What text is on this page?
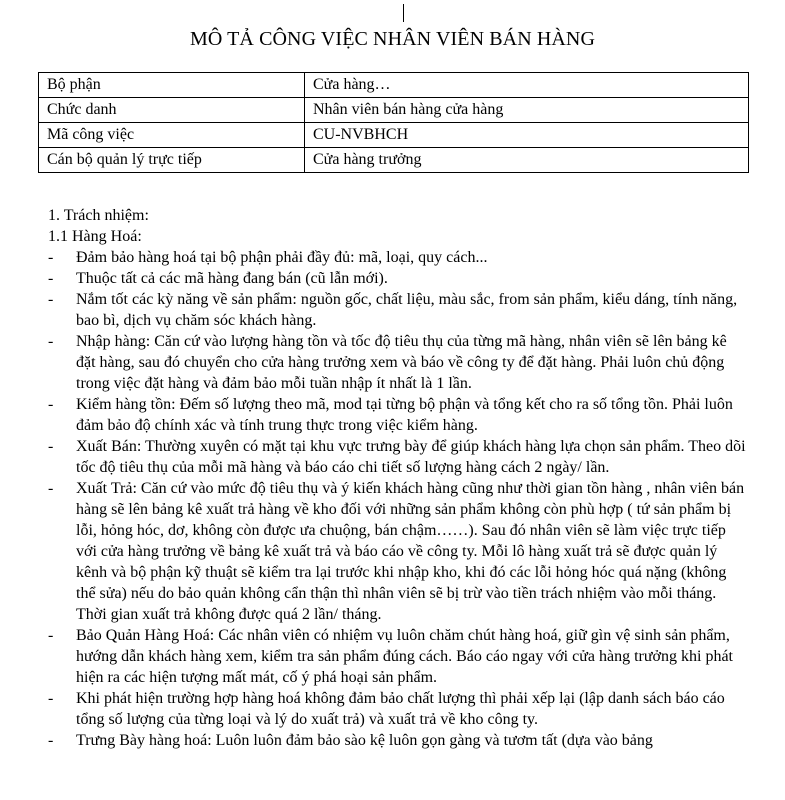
MÔ TẢ CÔNG VIỆC NHÂN VIÊN BÁN HÀNG
Bộ phận	Cửa hàng…
Chức danh	Nhân viên bán hàng cửa hàng
Mã công việc	CU-NVBHCH
Cán bộ quản lý trực tiếp	Cửa hàng trưởng

1. Trách nhiệm:

1.1 Hàng Hoá:

- Đảm bảo hàng hoá tại bộ phận phải đầy đủ: mã, loại, quy cách...
- Thuộc tất cả các mã hàng đang bán (cũ lẫn mới).
- Nắm tốt các kỳ năng về sản phẩm: nguồn gốc, chất liệu, màu sắc, from sản phẩm, kiểu dáng, tính năng, bao bì, dịch vụ chăm sóc khách hàng.
- Nhập hàng: Căn cứ vào lượng hàng tồn và tốc độ tiêu thụ của từng mã hàng, nhân viên sẽ lên bảng kê đặt hàng, sau đó chuyển cho cửa hàng trưởng xem và báo về công ty để đặt hàng. Phải luôn chủ động trong việc đặt hàng và đảm bảo mỗi tuần nhập ít nhất là 1 lần.
- Kiểm hàng tồn: Đếm số lượng theo mã, mod tại từng bộ phận và tổng kết cho ra số tổng tồn. Phải luôn đảm bảo độ chính xác và tính trung thực trong việc kiểm hàng.
- Xuất Bán: Thường xuyên có mặt tại khu vực trưng bày để giúp khách hàng lựa chọn sản phẩm. Theo dõi tốc độ tiêu thụ của mỗi mã hàng và báo cáo chi tiết số lượng hàng cách 2 ngày/ lần.
- Xuất Trả: Căn cứ vào mức độ tiêu thụ và ý kiến khách hàng cũng như thời gian tồn hàng , nhân viên bán hàng sẽ lên bảng kê xuất trả hàng về kho đối với những sản phẩm không còn phù hợp ( tứ sản phẩm bị lỗi, hỏng hóc, dơ, không còn được ưa chuộng, bán chậm……). Sau đó nhân viên sẽ làm việc trực tiếp với cửa hàng trưởng về bảng kê xuất trả và báo cáo về công ty. Mỗi lô hàng xuất trả sẽ được quản lý kênh và bộ phận kỹ thuật sẽ kiểm tra lại trước khi nhập kho, khi đó các lỗi hỏng hóc quá nặng (không thể sửa) nếu do bảo quản không cẩn thận thì nhân viên sẽ bị trừ vào tiền trách nhiệm vào mỗi tháng. Thời gian xuất trả không được quá 2 lần/ tháng.
- Bảo Quản Hàng Hoá: Các nhân viên có nhiệm vụ luôn chăm chút hàng hoá, giữ gìn vệ sinh sản phẩm, hướng dẫn khách hàng xem, kiểm tra sản phẩm đúng cách. Báo cáo ngay với cửa hàng trưởng khi phát hiện ra các hiện tượng mất mát, cố ý phá hoại sản phẩm.
- Khi phát hiện trường hợp hàng hoá không đảm bảo chất lượng thì phải xếp lại (lập danh sách báo cáo tổng số lượng của từng loại và lý do xuất trả) và xuất trả về kho công ty.
- Trưng Bày hàng hoá: Luôn luôn đảm bảo sào kệ luôn gọn gàng và tươm tất (dựa vào bảng
